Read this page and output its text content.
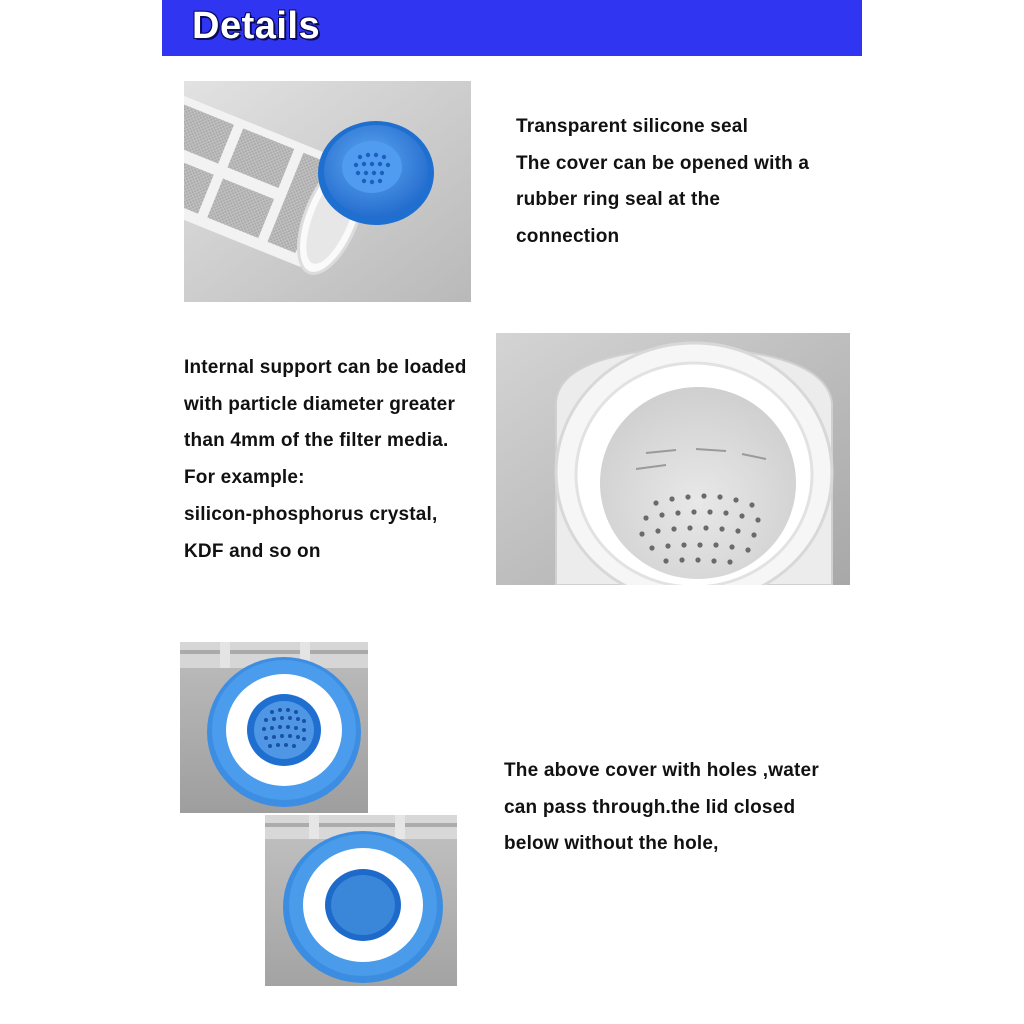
Details
Transparent silicone seal
The cover can be opened with a
rubber ring seal at the
connection
Internal support can be loaded
with particle diameter greater
than 4mm of the filter media.
For example:
silicon-phosphorus crystal,
KDF and so on
The above cover with holes ,water
can pass through.the lid closed
below without the hole,
